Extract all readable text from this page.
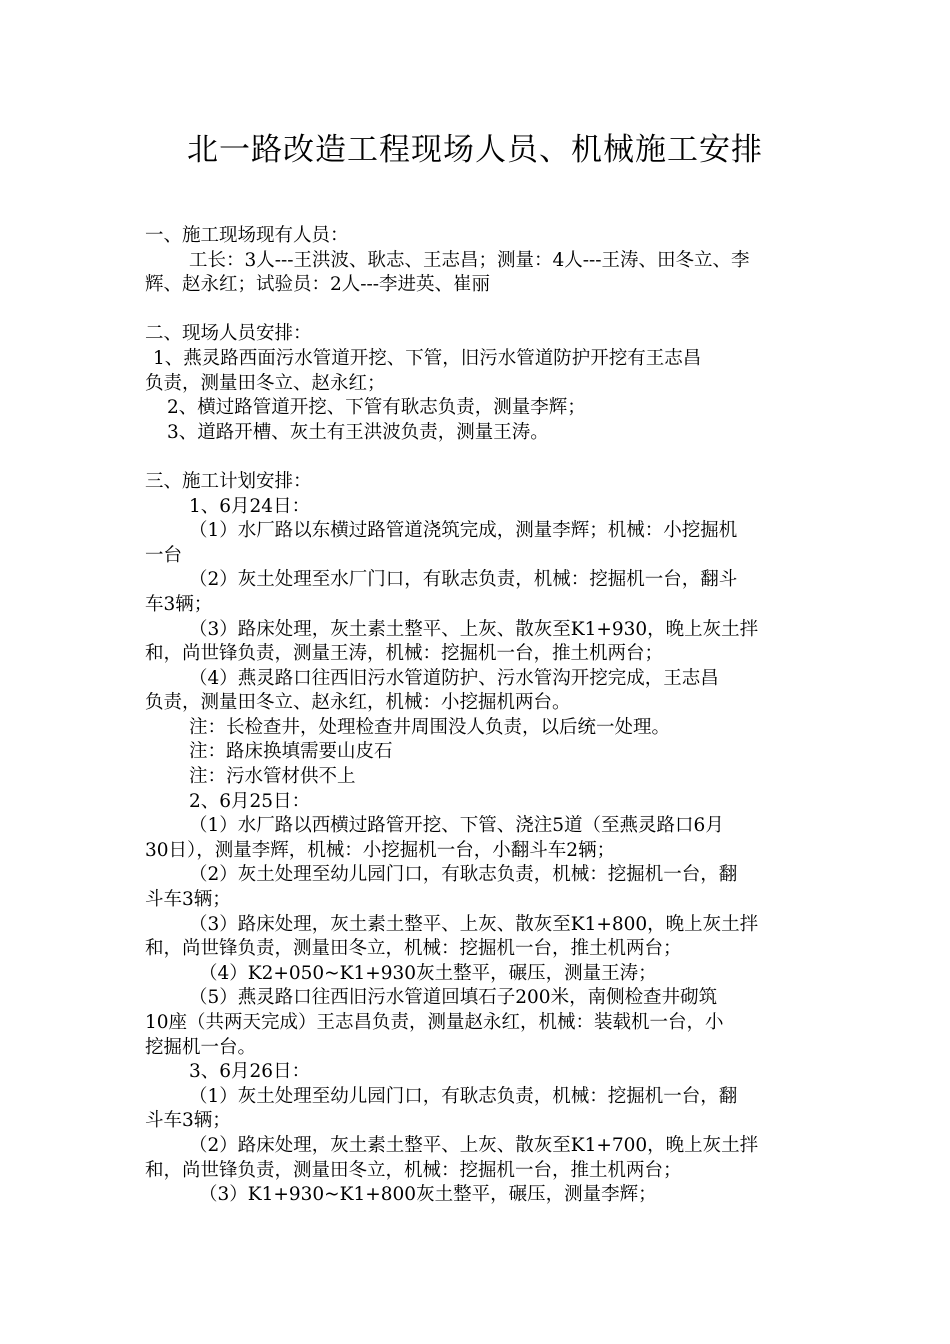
北一路改造工程现场人员、机械施工安排
一、施工现场现有人员：
工长：3人---王洪波、耿志、王志昌；测量：4人---王涛、田冬立、李
辉、赵永红；试验员：2人---李进英、崔丽
二、现场人员安排：
1、燕灵路西面污水管道开挖、下管，旧污水管道防护开挖有王志昌
负责，测量田冬立、赵永红；
2、横过路管道开挖、下管有耿志负责，测量李辉；
3、道路开槽、灰土有王洪波负责，测量王涛。
三、施工计划安排：
1、6月24日：
（1）水厂路以东横过路管道浇筑完成，测量李辉；机械：小挖掘机
一台
（2）灰土处理至水厂门口，有耿志负责，机械：挖掘机一台，翻斗
车3辆；
（3）路床处理，灰土素土整平、上灰、散灰至K1+930，晚上灰土拌
和，尚世锋负责，测量王涛，机械：挖掘机一台，推土机两台；
（4）燕灵路口往西旧污水管道防护、污水管沟开挖完成，王志昌
负责，测量田冬立、赵永红，机械：小挖掘机两台。
注：长检查井，处理检查井周围没人负责，以后统一处理。
注：路床换填需要山皮石
注：污水管材供不上
2、6月25日：
（1）水厂路以西横过路管开挖、下管、浇注5道（至燕灵路口6月
30日），测量李辉，机械：小挖掘机一台，小翻斗车2辆；
（2）灰土处理至幼儿园门口，有耿志负责，机械：挖掘机一台，翻
斗车3辆；
（3）路床处理，灰土素土整平、上灰、散灰至K1+800，晚上灰土拌
和，尚世锋负责，测量田冬立，机械：挖掘机一台，推土机两台；
（4）K2+050~K1+930灰土整平，碾压，测量王涛；
（5）燕灵路口往西旧污水管道回填石子200米，南侧检查井砌筑
10座（共两天完成）王志昌负责，测量赵永红，机械：装载机一台，小
挖掘机一台。
3、6月26日：
（1）灰土处理至幼儿园门口，有耿志负责，机械：挖掘机一台，翻
斗车3辆；
（2）路床处理，灰土素土整平、上灰、散灰至K1+700，晚上灰土拌
和，尚世锋负责，测量田冬立，机械：挖掘机一台，推土机两台；
（3）K1+930~K1+800灰土整平，碾压，测量李辉；
